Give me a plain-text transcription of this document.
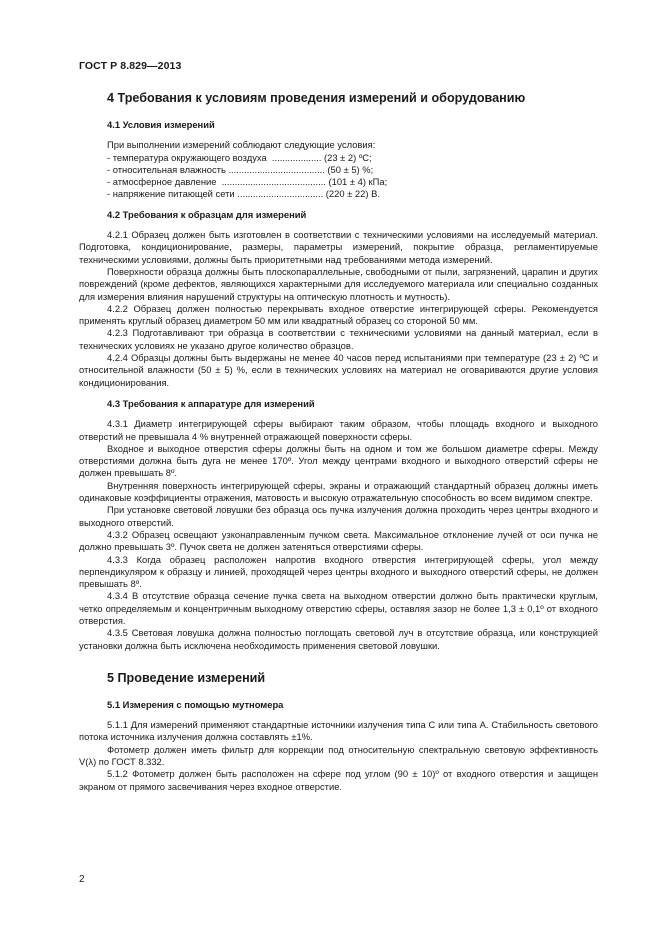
ГОСТ Р 8.829—2013
4 Требования к условиям проведения измерений и оборудованию
4.1 Условия измерений
При выполнении измерений соблюдают следующие условия:
- температура окружающего воздуха  ................... (23 ± 2) ºС;
- относительная влажность ..................................... (50 ± 5) %;
- атмосферное давление  ........................................ (101 ± 4) кПа;
- напряжение питающей сети ................................. (220 ± 22) В.
4.2 Требования к образцам для измерений

4.2.1 Образец должен быть изготовлен в соответствии с техническими условиями на исследуемый материал. Подготовка, кондиционирование, размеры, параметры измерений, покрытие образца, регламентируемые техническими условиями, должны быть приоритетными над требованиями метода измерений.

Поверхности образца должны быть плоскопараллельные, свободными от пыли, загрязнений, царапин и других повреждений (кроме дефектов, являющихся характерными для исследуемого материала или специально созданных для измерения влияния нарушений структуры на оптическую плотность и мутность).

4.2.2 Образец должен полностью перекрывать входное отверстие интегрирующей сферы. Рекомендуется применять круглый образец диаметром 50 мм или квадратный образец со стороной 50 мм.

4.2.3 Подготавливают три образца в соответствии с техническими условиями на данный материал, если в технических условиях не указано другое количество образцов.

4.2.4 Образцы должны быть выдержаны не менее 40 часов перед испытаниями при температуре (23 ± 2) ºС и относительной влажности (50 ± 5) %, если в технических условиях на материал не оговариваются другие условия кондиционирования.

4.3 Требования к аппаратуре для измерений

4.3.1 Диаметр интегрирующей сферы выбирают таким образом, чтобы площадь входного и выходного отверстий не превышала 4 % внутренней отражающей поверхности сферы.

Входное и выходное отверстия сферы должны быть на одном и том же большом диаметре сферы. Между отверстиями должна быть дуга не менее 170º. Угол между центрами входного и выходного отверстий сферы не должен превышать 8º.

Внутренняя поверхность интегрирующей сферы, экраны и отражающий стандартный образец должны иметь одинаковые коэффициенты отражения, матовость и высокую отражательную способность во всем видимом спектре.

При установке световой ловушки без образца ось пучка излучения должна проходить через центры входного и выходного отверстий.

4.3.2 Образец освещают узконаправленным пучком света. Максимальное отклонение лучей от оси пучка не должно превышать 3º. Пучок света не должен затеняться отверстиями сферы.

4.3.3 Когда образец расположен напротив входного отверстия интегрирующей сферы, угол между перпендикуляром к образцу и линией, проходящей через центры входного и выходного отверстий сферы, не должен превышать 8º.

4.3.4 В отсутствие образца сечение пучка света на выходном отверстии должно быть практически круглым, четко определяемым и концентричным выходному отверстию сферы, оставляя зазор не более 1,3 ± 0,1º от входного отверстия.

4.3.5 Световая ловушка должна полностью поглощать световой луч в отсутствие образца, или конструкцией установки должна быть исключена необходимость применения световой ловушки.

5 Проведение измерений
5.1 Измерения с помощью мутномера

5.1.1 Для измерений применяют стандартные источники излучения типа С или типа А. Стабильность светового потока источника излучения должна составлять ±1%.

Фотометр должен иметь фильтр для коррекции под относительную спектральную световую эффективность V(λ) по ГОСТ 8.332.

5.1.2 Фотометр должен быть расположен на сфере под углом (90 ± 10)º от входного отверстия и защищен экраном от прямого засвечивания через входное отверстие.

2
